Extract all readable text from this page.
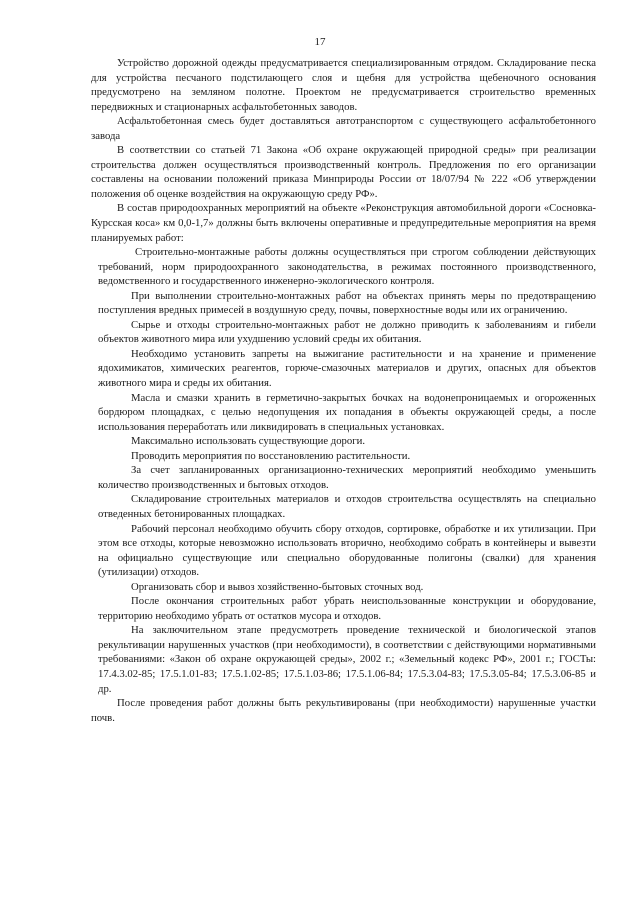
17

Устройство дорожной одежды предусматривается специализированным отрядом. Складирование песка для устройства песчаного подстилающего слоя и щебня для устройства щебеночного основания предусмотрено на земляном полотне. Проектом не предусматривается строительство временных передвижных и стационарных асфальтобетонных заводов.

Асфальтобетонная смесь будет доставляться автотранспортом с существующего асфальтобетонного завода

В соответствии со статьей 71 Закона «Об охране окружающей природной среды» при реализации строительства должен осуществляться производственный контроль. Предложения по его организации составлены на основании положений приказа Минприроды России от 18/07/94 № 222 «Об утверждении положения об оценке воздействия на окружающую среду РФ».

В состав природоохранных мероприятий на объекте «Реконструкция автомобильной дороги «Сосновка-Курсская коса» км 0,0-1,7» должны быть включены оперативные и предупредительные мероприятия на время планируемых работ:

Строительно-монтажные работы должны осуществляться при строгом соблюдении действующих требований, норм природоохранного законодательства, в режимах постоянного производственного, ведомственного и государственного инженерно-экологического контроля.

При выполнении строительно-монтажных работ на объектах принять меры по предотвращению поступления вредных примесей в воздушную среду, почвы, поверхностные воды или их ограничению.

Сырье и отходы строительно-монтажных работ не должно приводить к заболеваниям и гибели объектов животного мира или ухудшению условий среды их обитания.

Необходимо установить запреты на выжигание растительности и на хранение и применение ядохимикатов, химических реагентов, горюче-смазочных материалов и других, опасных для объектов животного мира и среды их обитания.

Масла и смазки хранить в герметично-закрытых бочках на водонепроницаемых и огороженных бордюром площадках, с целью недопущения их попадания в объекты окружающей среды, а после использования переработать или ликвидировать в специальных установках.

Максимально использовать существующие дороги.

Проводить мероприятия по восстановлению растительности.

За счет запланированных организационно-технических мероприятий необходимо уменьшить количество производственных и бытовых отходов.

Складирование строительных материалов и отходов строительства осуществлять на специально отведенных бетонированных площадках.

Рабочий персонал необходимо обучить сбору отходов, сортировке, обработке и их утилизации. При этом все отходы, которые невозможно использовать вторично, необходимо собрать в контейнеры и вывезти на официально существующие или специально оборудованные полигоны (свалки) для хранения (утилизации) отходов.

Организовать сбор и вывоз хозяйственно-бытовых сточных вод.

После окончания строительных работ убрать неиспользованные конструкции и оборудование, территорию необходимо убрать от остатков мусора и отходов.

На заключительном этапе предусмотреть проведение технической и биологической этапов рекультивации нарушенных участков (при необходимости), в соответствии с действующими нормативными требованиями: «Закон об охране окружающей среды», 2002 г.; «Земельный кодекс РФ», 2001 г.; ГОСТы: 17.4.3.02-85; 17.5.1.01-83; 17.5.1.02-85; 17.5.1.03-86; 17.5.1.06-84; 17.5.3.04-83; 17.5.3.05-84; 17.5.3.06-85 и др.

После проведения работ должны быть рекультивированы (при необходимости) нарушенные участки почв.
